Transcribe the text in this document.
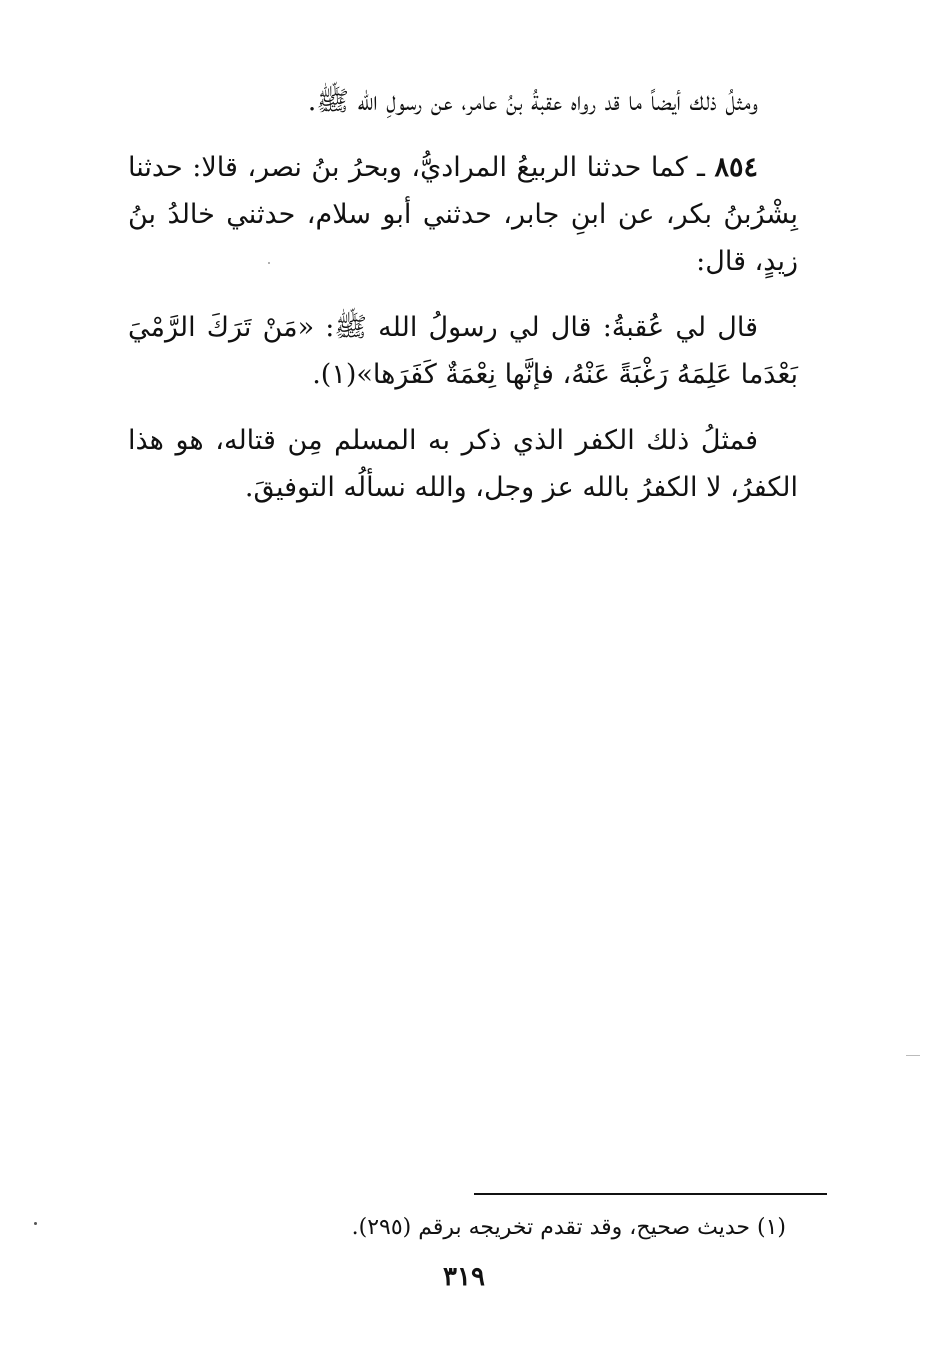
ومثلُ ذلك أيضاً ما قد رواه عقبةُ بنُ عامر، عن رسولِ الله ﷺ.

٨٥٤ ـ كما حدثنا الربيعُ المراديُّ، وبحرُ بنُ نصر، قالا: حدثنا بِشْرُبنُ بكر، عن ابنِ جابر، حدثني أبو سلام، حدثني خالدُ بنُ زيدٍ، قال:

قال لي عُقبةُ: قال لي رسولُ الله ﷺ: «مَنْ تَرَكَ الرَّمْيَ بَعْدَما عَلِمَهُ رَغْبَةً عَنْهُ، فإنَّها نِعْمَةٌ كَفَرَها»(١).

فمثلُ ذلك الكفر الذي ذكر به المسلم مِن قتاله، هو هذا الكفرُ، لا الكفرُ بالله عز وجل، والله نسألُه التوفيقَ.

(١) حديث صحيح، وقد تقدم تخريجه برقم (٢٩٥).
٣١٩
